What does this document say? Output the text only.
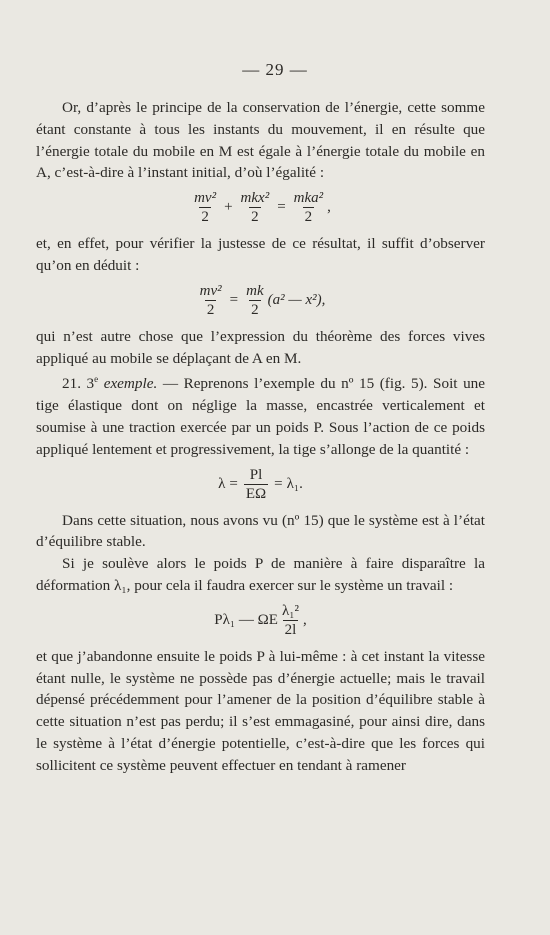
— 29 —

Or, d’après le principe de la conservation de l’énergie, cette somme étant constante à tous les instants du mouvement, il en résulte que l’énergie totale du mobile en M est égale à l’énergie totale du mobile en A, c’est-à-dire à l’instant initial, d’où l’égalité :

$\frac{\text{mv²}}{2} + \frac{\text{mkx²}}{2} = \frac{\text{mka²}}{2}$ ,

et, en effet, pour vérifier la justesse de ce résultat, il suffit d’observer qu’on en déduit :

$\frac{\text{mv²}}{2} = \frac{mk}{2} (a^2$ — x²),

qui n’est autre chose que l’expression du théorème des forces vives appliqué au mobile se déplaçant de A en M.

21. 3e exemple. — Reprenons l’exemple du nº 15 (fig. 5). Soit une tige élastique dont on néglige la masse, encastrée verticalement et soumise à une traction exercée par un poids P. Sous l’action de ce poids appliqué lentement et progressivement, la tige s’allonge de la quantité :

$\lambda = \frac{Pl}{E\Omega} = \lambda_1$.

Dans cette situation, nous avons vu (nº 15) que le système est à l’état d’équilibre stable.

Si je soulève alors le poids P de manière à faire disparaître la déformation λ₁, pour cela il faudra exercer sur le système un travail :

Pλ₁ — ΩE $\frac{\text{λ₁²}}{2l}$ ,

et que j’abandonne ensuite le poids P à lui-même : à cet instant la vitesse étant nulle, le système ne possède pas d’énergie actuelle; mais le travail dépensé précédemment pour l’amener de la position d’équilibre stable à cette situation n’est pas perdu; il s’est emmagasiné, pour ainsi dire, dans le système à l’état d’énergie potentielle, c’est-à-dire que les forces qui sollicitent ce système peuvent effectuer en tendant à ramener
